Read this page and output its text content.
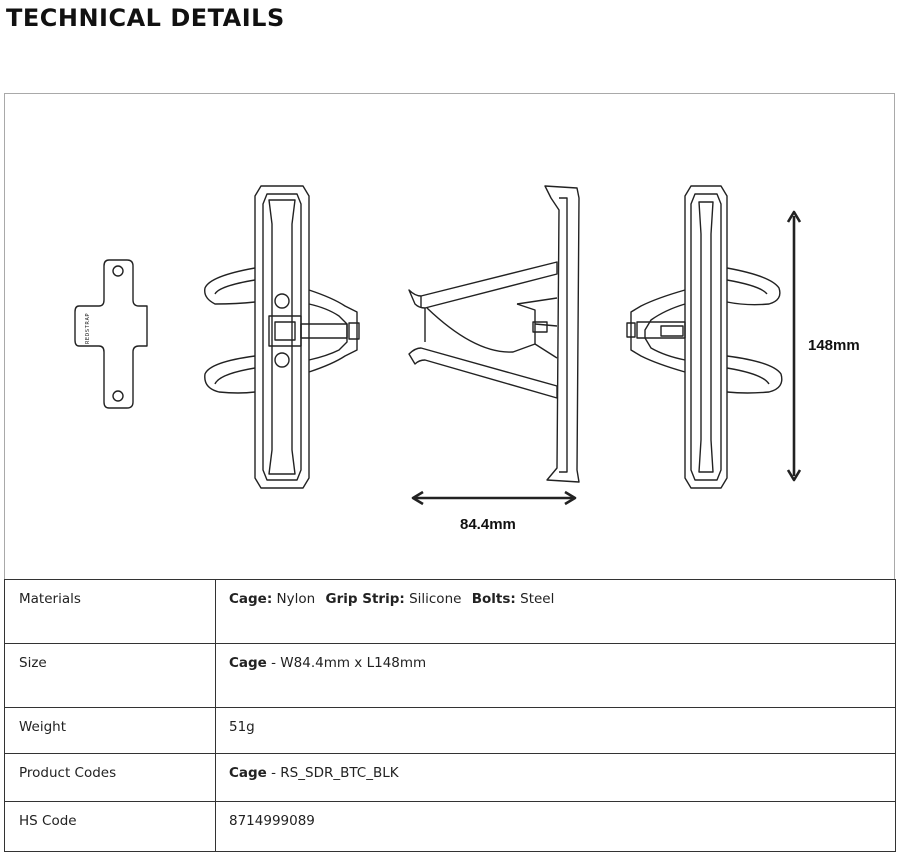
TECHNICAL DETAILS
REDSTRAP
84.4mm
148mm
Materials	Cage: Nylon Grip Strip: Silicone Bolts: Steel
Size	Cage - W84.4mm x L148mm
Weight	51g
Product Codes	Cage - RS_SDR_BTC_BLK
HS Code	8714999089
